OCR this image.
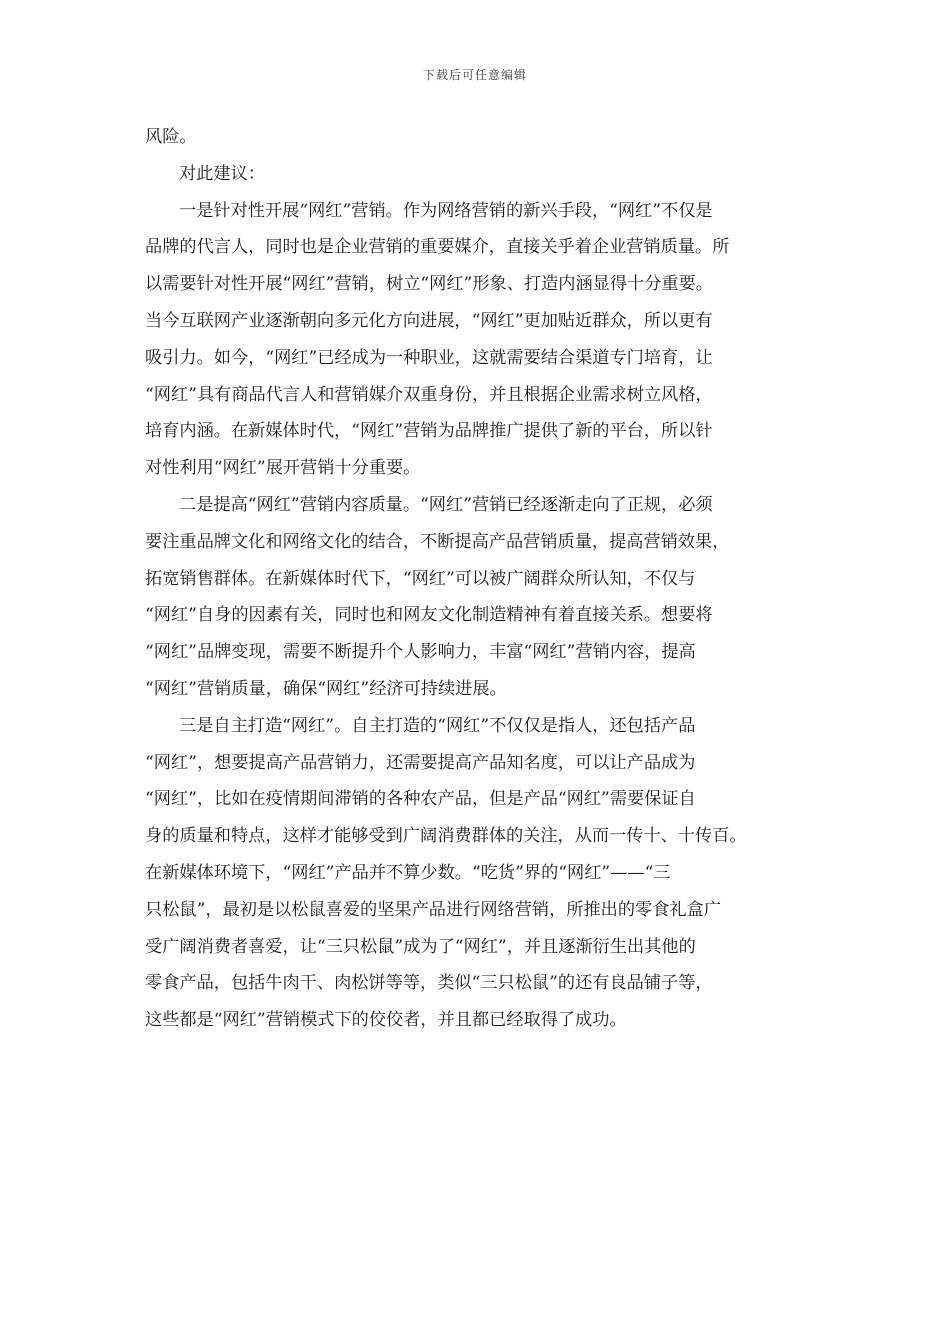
下载后可任意编辑
风险。
对此建议：
一是针对性开展“网红”营销。作为网络营销的新兴手段，“网红”不仅是
品牌的代言人，同时也是企业营销的重要媒介，直接关乎着企业营销质量。所
以需要针对性开展“网红”营销，树立“网红”形象、打造内涵显得十分重要。
当今互联网产业逐渐朝向多元化方向进展，“网红”更加贴近群众，所以更有
吸引力。如今，“网红”已经成为一种职业，这就需要结合渠道专门培育，让
“网红”具有商品代言人和营销媒介双重身份，并且根据企业需求树立风格，
培育内涵。在新媒体时代，“网红”营销为品牌推广提供了新的平台，所以针
对性利用“网红”展开营销十分重要。
二是提高“网红”营销内容质量。“网红”营销已经逐渐走向了正规，必须
要注重品牌文化和网络文化的结合，不断提高产品营销质量，提高营销效果，
拓宽销售群体。在新媒体时代下，“网红”可以被广阔群众所认知，不仅与
“网红”自身的因素有关，同时也和网友文化制造精神有着直接关系。想要将
“网红”品牌变现，需要不断提升个人影响力，丰富“网红”营销内容，提高
“网红”营销质量，确保“网红”经济可持续进展。
三是自主打造“网红”。自主打造的“网红”不仅仅是指人，还包括产品
“网红”，想要提高产品营销力，还需要提高产品知名度，可以让产品成为
“网红”，比如在疫情期间滞销的各种农产品，但是产品“网红”需要保证自
身的质量和特点，这样才能够受到广阔消费群体的关注，从而一传十、十传百。
在新媒体环境下，“网红”产品并不算少数。“吃货”界的“网红”——“三
只松鼠”，最初是以松鼠喜爱的坚果产品进行网络营销，所推出的零食礼盒广
受广阔消费者喜爱，让“三只松鼠”成为了“网红”，并且逐渐衍生出其他的
零食产品，包括牛肉干、肉松饼等等，类似“三只松鼠”的还有良品铺子等，
这些都是“网红”营销模式下的佼佼者，并且都已经取得了成功。
